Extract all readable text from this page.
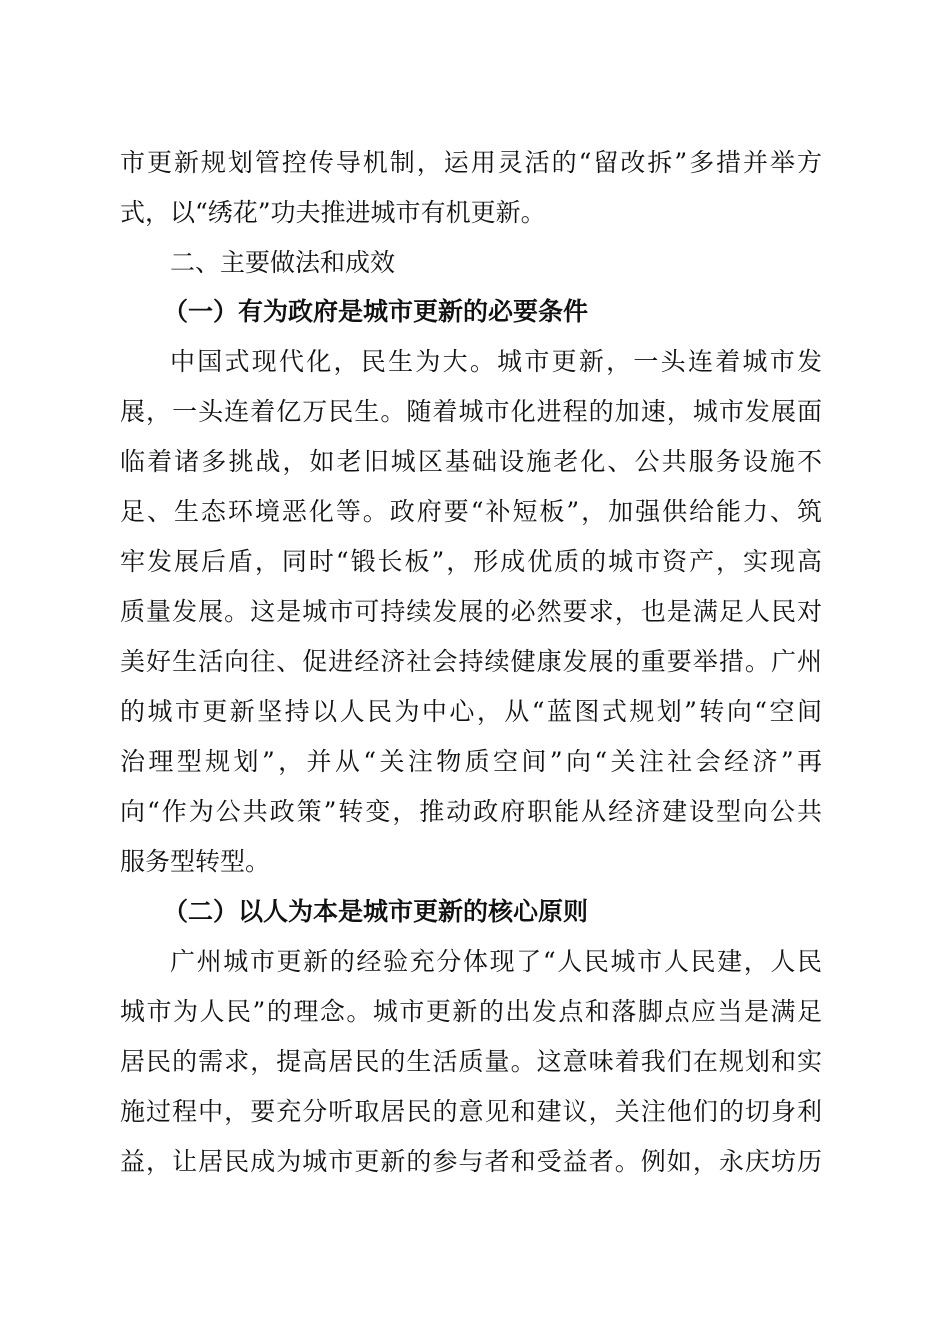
市更新规划管控传导机制，运用灵活的“留改拆”多措并举方
式，以“绣花”功夫推进城市有机更新。
二、主要做法和成效
（一）有为政府是城市更新的必要条件
中国式现代化，民生为大。城市更新，一头连着城市发
展，一头连着亿万民生。随着城市化进程的加速，城市发展面
临着诸多挑战，如老旧城区基础设施老化、公共服务设施不
足、生态环境恶化等。政府要“补短板”，加强供给能力、筑
牢发展后盾，同时“锻长板”，形成优质的城市资产，实现高
质量发展。这是城市可持续发展的必然要求，也是满足人民对
美好生活向往、促进经济社会持续健康发展的重要举措。广州
的城市更新坚持以人民为中心，从“蓝图式规划”转向“空间
治理型规划”，并从“关注物质空间”向“关注社会经济”再
向“作为公共政策”转变，推动政府职能从经济建设型向公共
服务型转型。
（二）以人为本是城市更新的核心原则
广州城市更新的经验充分体现了“人民城市人民建，人民
城市为人民”的理念。城市更新的出发点和落脚点应当是满足
居民的需求，提高居民的生活质量。这意味着我们在规划和实
施过程中，要充分听取居民的意见和建议，关注他们的切身利
益，让居民成为城市更新的参与者和受益者。例如，永庆坊历
